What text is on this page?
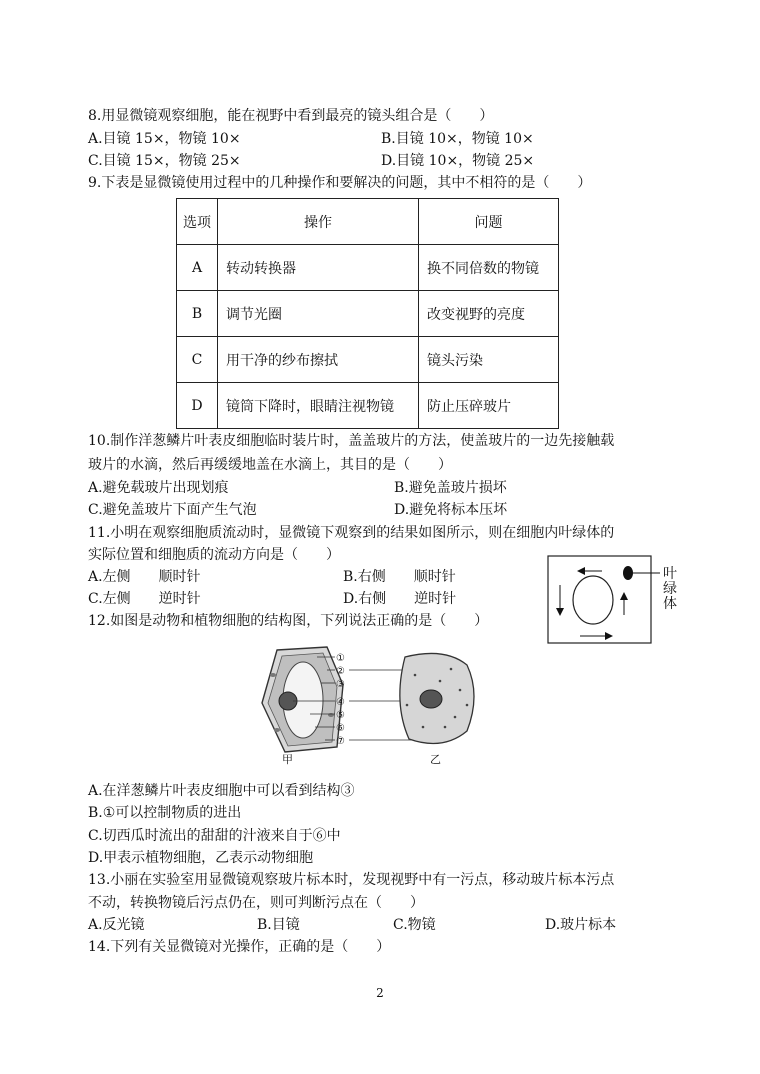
8.用显微镜观察细胞，能在视野中看到最亮的镜头组合是（　　）
A.目镜 15×，物镜 10×	B.目镜 10×，物镜 10×
C.目镜 15×，物镜 25×	D.目镜 10×，物镜 25×
9.下表是显微镜使用过程中的几种操作和要解决的问题，其中不相符的是（　　）
选项	操作	问题
A	转动转换器	换不同倍数的物镜
B	调节光圈	改变视野的亮度
C	用干净的纱布擦拭	镜头污染
D	镜筒下降时，眼睛注视物镜	防止压碎玻片
10.制作洋葱鳞片叶表皮细胞临时装片时，盖盖玻片的方法，使盖玻片的一边先接触载
玻片的水滴，然后再缓缓地盖在水滴上，其目的是（　　）
A.避免载玻片出现划痕	B.避免盖玻片损坏
C.避免盖玻片下面产生气泡	D.避免将标本压坏
11.小明在观察细胞质流动时，显微镜下观察到的结果如图所示，则在细胞内叶绿体的
实际位置和细胞质的流动方向是（　　）
A.左侧　　顺时针	B.右侧　　顺时针
C.左侧　　逆时针	D.右侧　　逆时针
叶绿体
12.如图是动物和植物细胞的结构图，下列说法正确的是（　　）
①
②
③
④
⑤
⑥
⑦
甲	乙
A.在洋葱鳞片叶表皮细胞中可以看到结构③
B.①可以控制物质的进出
C.切西瓜时流出的甜甜的汁液来自于⑥中
D.甲表示植物细胞，乙表示动物细胞
13.小丽在实验室用显微镜观察玻片标本时，发现视野中有一污点，移动玻片标本污点
不动，转换物镜后污点仍在，则可判断污点在（　　）
A.反光镜	B.目镜	C.物镜	D.玻片标本
14.下列有关显微镜对光操作，正确的是（　　）
2
